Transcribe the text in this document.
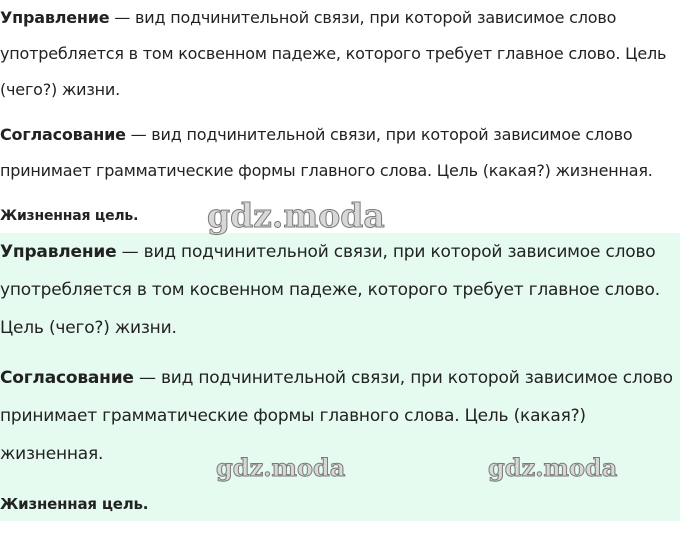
Управление — вид подчинительной связи, при которой зависимое слово употребляется в том косвенном падеже, которого требует главное слово. Цель (чего?) жизни.

Согласование — вид подчинительной связи, при которой зависимое слово принимает грамматические формы главного слова. Цель (какая?) жизненная.

Жизненная цель.

Управление — вид подчинительной связи, при которой зависимое слово употребляется в том косвенном падеже, которого требует главное слово. Цель (чего?) жизни.

Согласование — вид подчинительной связи, при которой зависимое слово принимает грамматические формы главного слова. Цель (какая?) жизненная.

Жизненная цель.

gdz.moda
gdz.moda	gdz.moda
